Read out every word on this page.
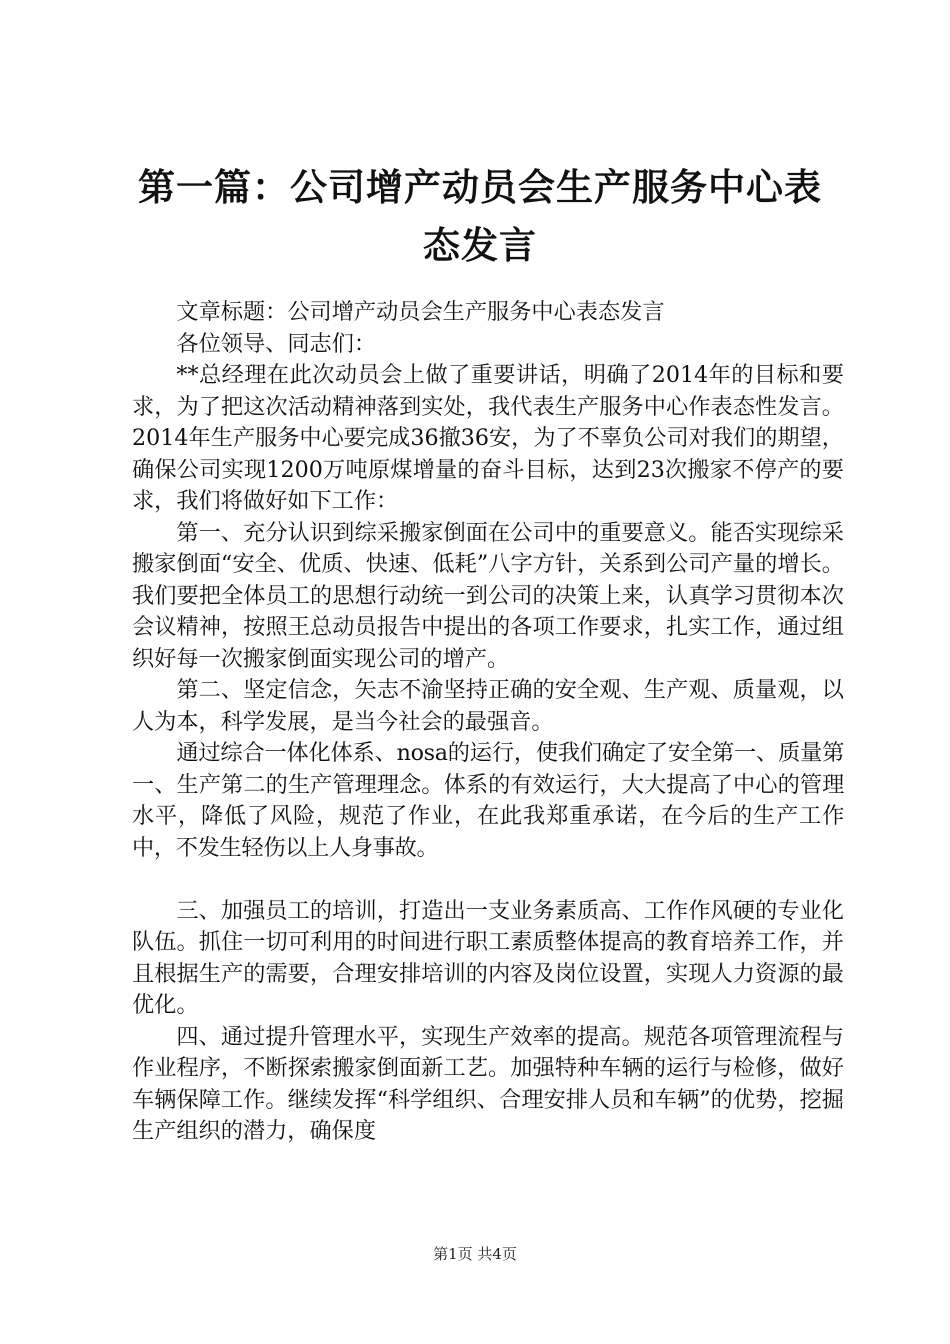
第一篇：公司增产动员会生产服务中心表态发言

文章标题：公司增产动员会生产服务中心表态发言

各位领导、同志们：

**总经理在此次动员会上做了重要讲话，明确了2014年的目标和要求，为了把这次活动精神落到实处，我代表生产服务中心作表态性发言。2014年生产服务中心要完成36撤36安，为了不辜负公司对我们的期望，确保公司实现1200万吨原煤增量的奋斗目标，达到23次搬家不停产的要求，我们将做好如下工作：

第一、充分认识到综采搬家倒面在公司中的重要意义。能否实现综采搬家倒面“安全、优质、快速、低耗”八字方针，关系到公司产量的增长。我们要把全体员工的思想行动统一到公司的决策上来，认真学习贯彻本次会议精神，按照王总动员报告中提出的各项工作要求，扎实工作，通过组织好每一次搬家倒面实现公司的增产。

第二、坚定信念，矢志不渝坚持正确的安全观、生产观、质量观，以人为本，科学发展，是当今社会的最强音。

通过综合一体化体系、nosa的运行，使我们确定了安全第一、质量第一、生产第二的生产管理理念。体系的有效运行，大大提高了中心的管理水平，降低了风险，规范了作业，在此我郑重承诺，在今后的生产工作中，不发生轻伤以上人身事故。

三、加强员工的培训，打造出一支业务素质高、工作作风硬的专业化队伍。抓住一切可利用的时间进行职工素质整体提高的教育培养工作，并且根据生产的需要，合理安排培训的内容及岗位设置，实现人力资源的最优化。

四、通过提升管理水平，实现生产效率的提高。规范各项管理流程与作业程序，不断探索搬家倒面新工艺。加强特种车辆的运行与检修，做好车辆保障工作。继续发挥“科学组织、合理安排人员和车辆”的优势，挖掘生产组织的潜力，确保度

第1页 共4页
